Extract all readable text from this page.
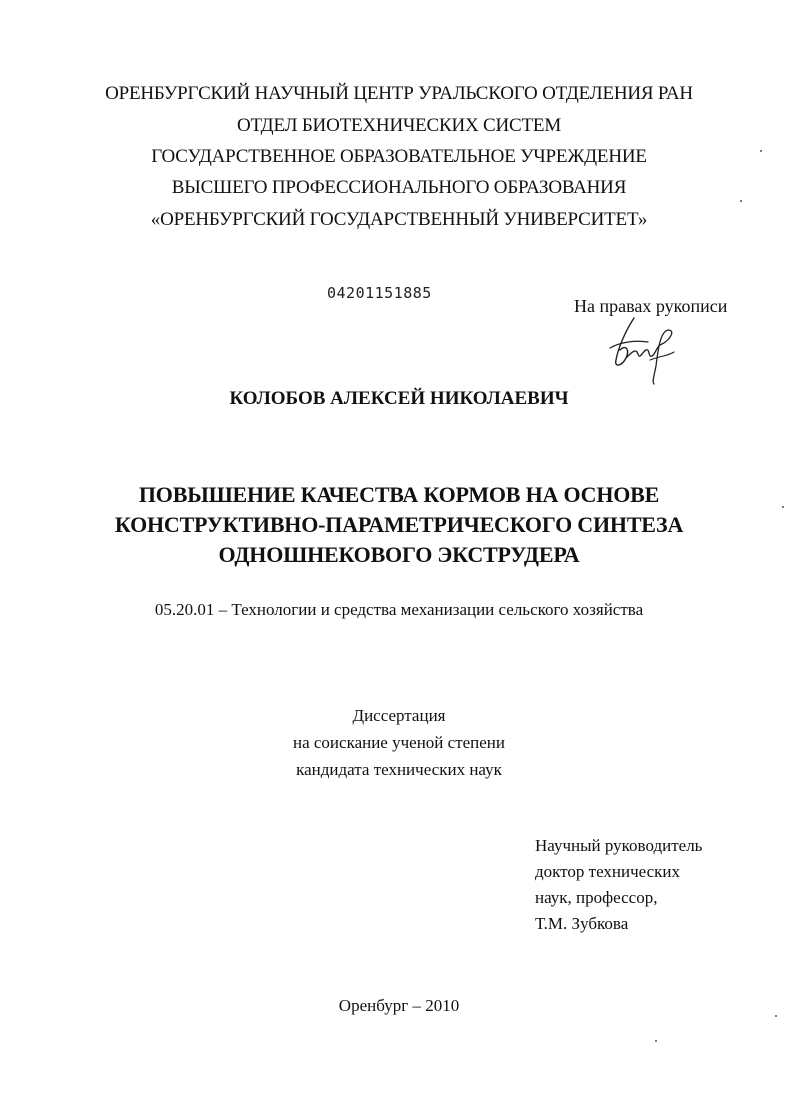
ОРЕНБУРГСКИЙ НАУЧНЫЙ ЦЕНТР УРАЛЬСКОГО ОТДЕЛЕНИЯ РАН
ОТДЕЛ БИОТЕХНИЧЕСКИХ СИСТЕМ
ГОСУДАРСТВЕННОЕ ОБРАЗОВАТЕЛЬНОЕ УЧРЕЖДЕНИЕ
ВЫСШЕГО ПРОФЕССИОНАЛЬНОГО ОБРАЗОВАНИЯ
«ОРЕНБУРГСКИЙ ГОСУДАРСТВЕННЫЙ УНИВЕРСИТЕТ»
04201151885
На правах рукописи
КОЛОБОВ АЛЕКСЕЙ НИКОЛАЕВИЧ
ПОВЫШЕНИЕ КАЧЕСТВА КОРМОВ НА ОСНОВЕ
КОНСТРУКТИВНО-ПАРАМЕТРИЧЕСКОГО СИНТЕЗА
ОДНОШНЕКОВОГО ЭКСТРУДЕРА
05.20.01 – Технологии и средства механизации сельского хозяйства
Диссертация
на соискание ученой степени
кандидата технических наук
Научный руководитель
доктор технических
наук, профессор,
Т.М. Зубкова
Оренбург – 2010
